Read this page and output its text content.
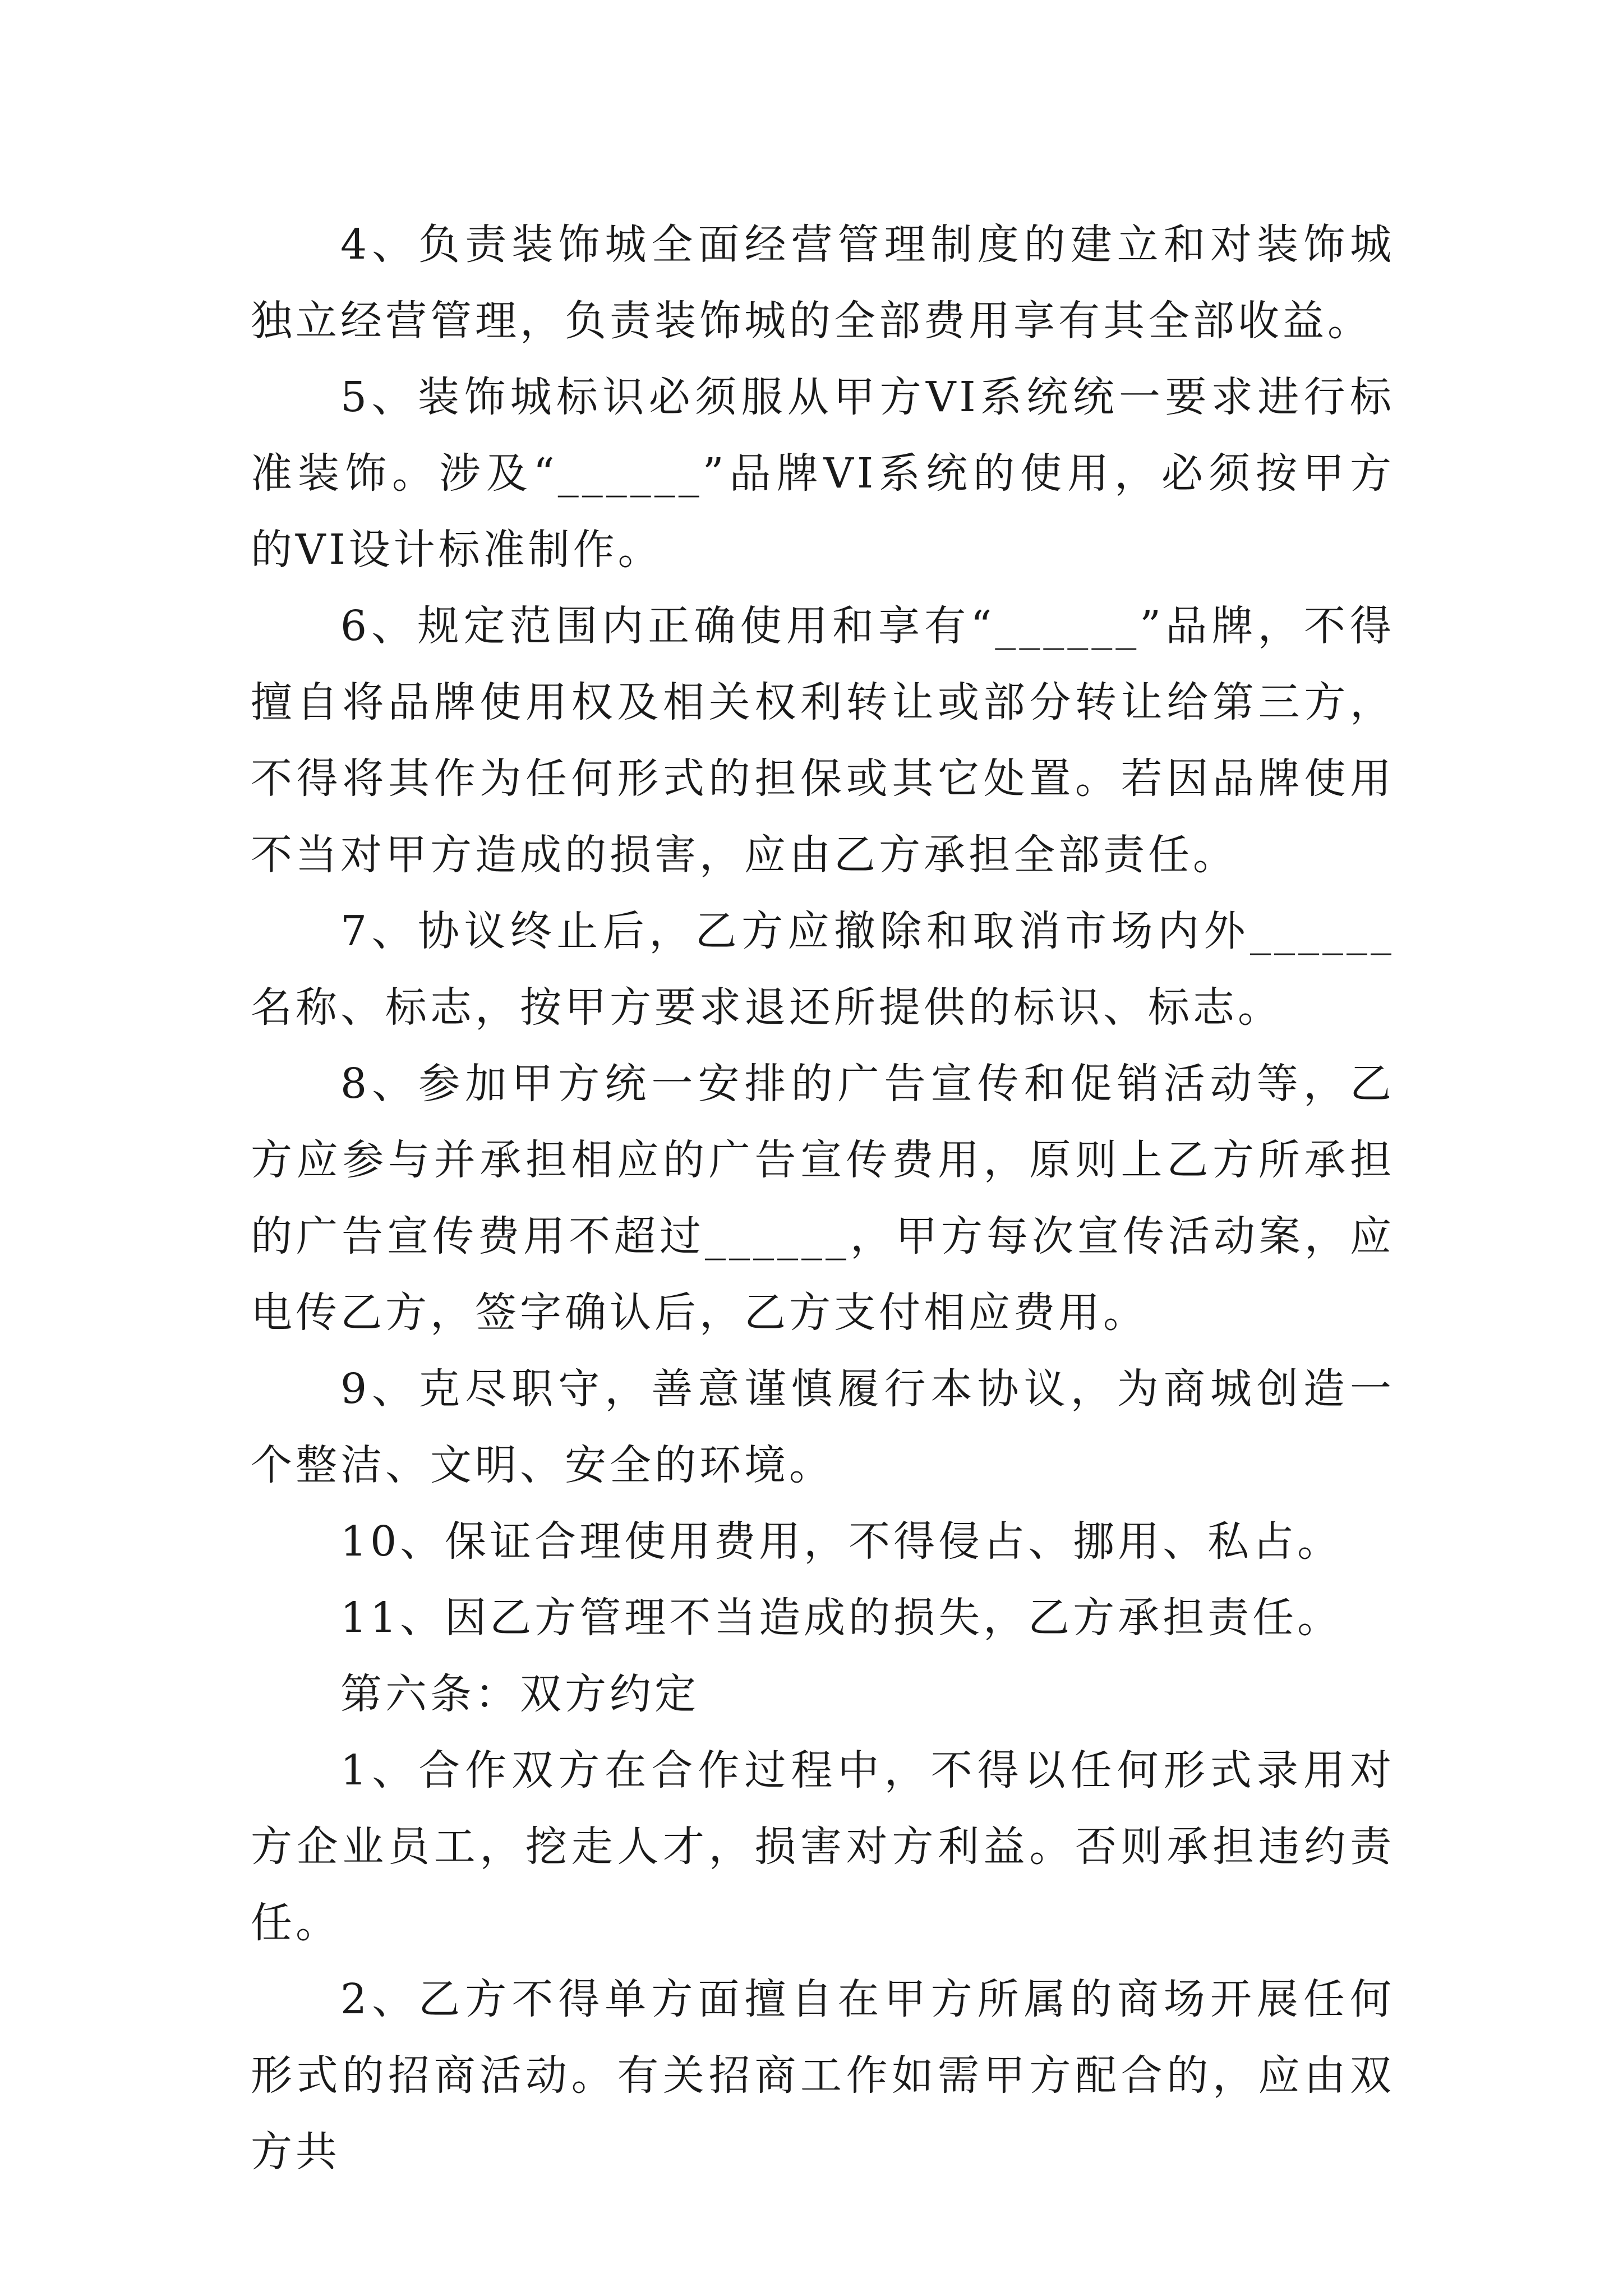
4、负责装饰城全面经营管理制度的建立和对装饰城独立经营管理，负责装饰城的全部费用享有其全部收益。

5、装饰城标识必须服从甲方VI系统统一要求进行标准装饰。涉及“______”品牌VI系统的使用，必须按甲方的VI设计标准制作。

6、规定范围内正确使用和享有“______”品牌，不得擅自将品牌使用权及相关权利转让或部分转让给第三方，不得将其作为任何形式的担保或其它处置。若因品牌使用不当对甲方造成的损害，应由乙方承担全部责任。

7、协议终止后，乙方应撤除和取消市场内外______名称、标志，按甲方要求退还所提供的标识、标志。

8、参加甲方统一安排的广告宣传和促销活动等，乙方应参与并承担相应的广告宣传费用，原则上乙方所承担的广告宣传费用不超过______，甲方每次宣传活动案，应电传乙方，签字确认后，乙方支付相应费用。

9、克尽职守，善意谨慎履行本协议，为商城创造一个整洁、文明、安全的环境。

10、保证合理使用费用，不得侵占、挪用、私占。

11、因乙方管理不当造成的损失，乙方承担责任。

第六条：双方约定

1、合作双方在合作过程中，不得以任何形式录用对方企业员工，挖走人才，损害对方利益。否则承担违约责任。

2、乙方不得单方面擅自在甲方所属的商场开展任何形式的招商活动。有关招商工作如需甲方配合的，应由双方共
